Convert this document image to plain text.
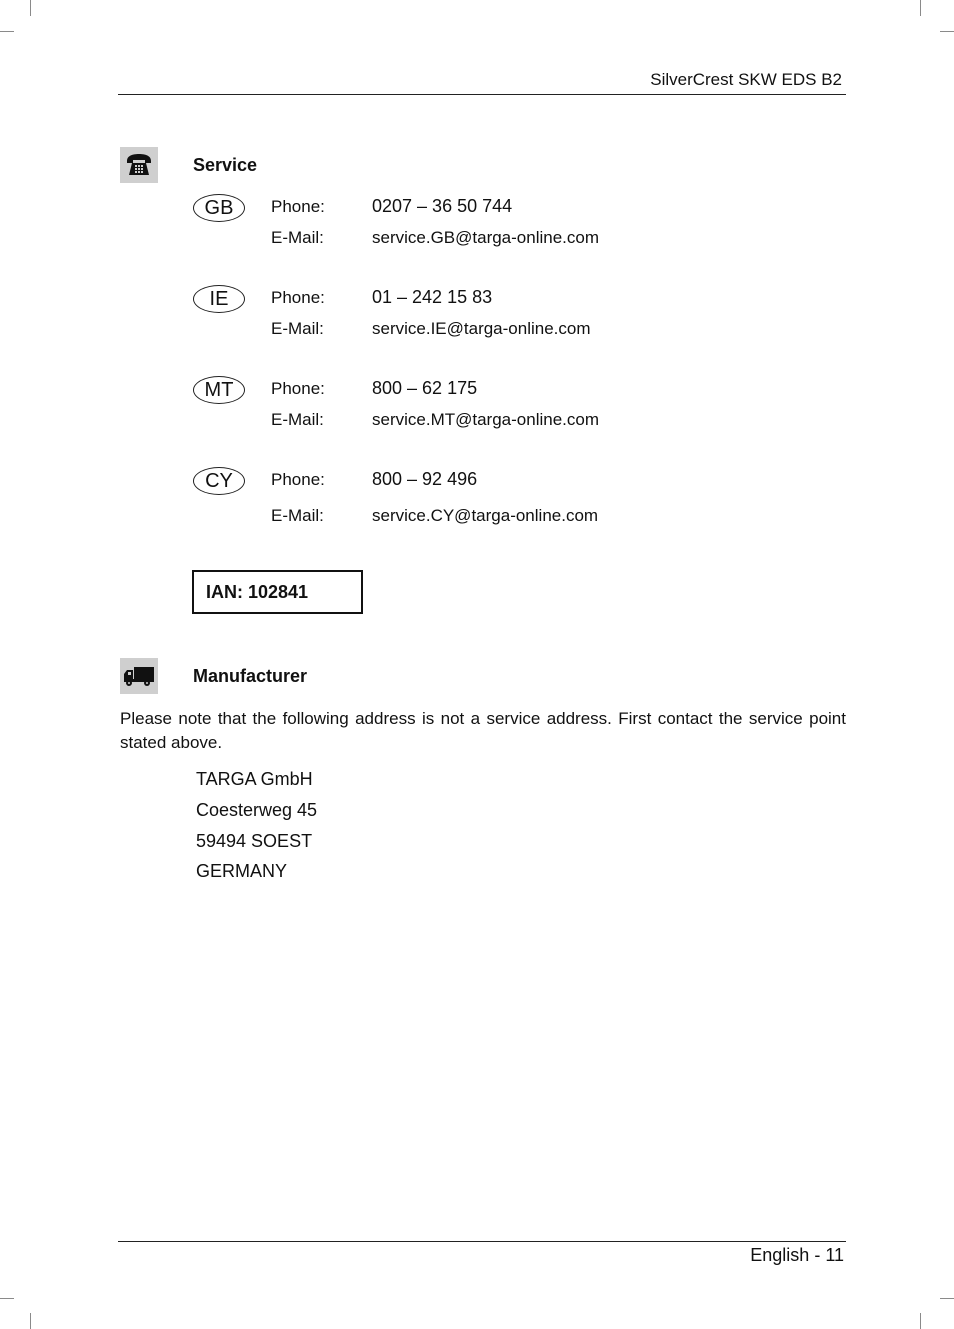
SilverCrest SKW EDS B2
Service
GB	Phone:	0207 – 36 50 744
E-Mail:	service.GB@targa-online.com
IE	Phone:	01 – 242 15 83
E-Mail:	service.IE@targa-online.com
MT	Phone:	800 – 62 175
E-Mail:	service.MT@targa-online.com
CY	Phone:	800 – 92 496
E-Mail:	service.CY@targa-online.com
IAN: 102841
Manufacturer
Please note that the following address is not a service address. First contact the service point stated above.
TARGA GmbH
Coesterweg 45
59494 SOEST
GERMANY
English - 11
